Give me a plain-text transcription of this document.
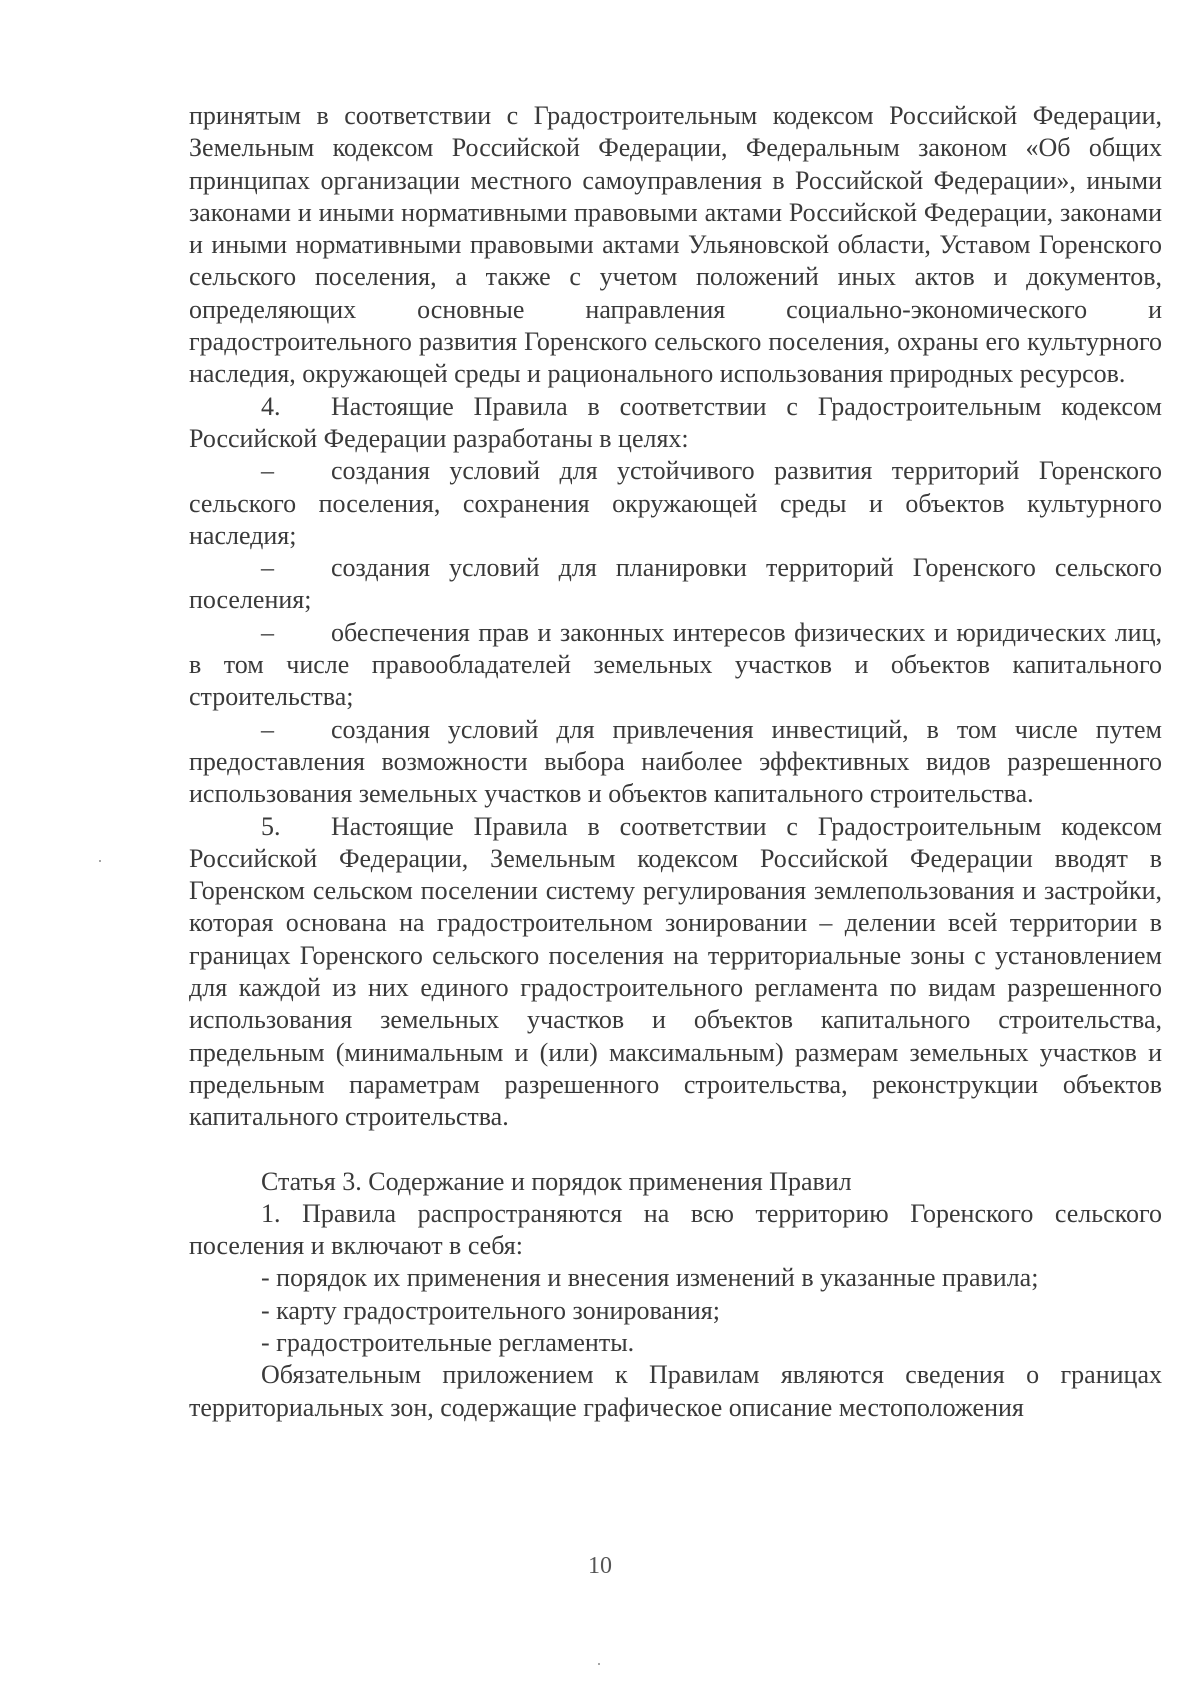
принятым в соответствии с Градостроительным кодексом Российской Федерации, Земельным кодексом Российской Федерации, Федеральным законом «Об общих принципах организации местного самоуправления в Российской Федерации», иными законами и иными нормативными правовыми актами Российской Федерации, законами и иными нормативными правовыми актами Ульяновской области, Уставом Горенского сельского поселения, а также с учетом положений иных актов и документов, определяющих основные направления социально-экономического и градостроительного развития Горенского сельского поселения, охраны его культурного наследия, окружающей среды и рационального использования природных ресурсов.

4. Настоящие Правила в соответствии с Градостроительным кодексом Российской Федерации разработаны в целях:

– создания условий для устойчивого развития территорий Горенского сельского поселения, сохранения окружающей среды и объектов культурного наследия;

– создания условий для планировки территорий Горенского сельского поселения;

– обеспечения прав и законных интересов физических и юридических лиц, в том числе правообладателей земельных участков и объектов капитального строительства;

– создания условий для привлечения инвестиций, в том числе путем предоставления возможности выбора наиболее эффективных видов разрешенного использования земельных участков и объектов капитального строительства.

5. Настоящие Правила в соответствии с Градостроительным кодексом Российской Федерации, Земельным кодексом Российской Федерации вводят в Горенском сельском поселении систему регулирования землепользования и застройки, которая основана на градостроительном зонировании – делении всей территории в границах Горенского сельского поселения на территориальные зоны с установлением для каждой из них единого градостроительного регламента по видам разрешенного использования земельных участков и объектов капитального строительства, предельным (минимальным и (или) максимальным) размерам земельных участков и предельным параметрам разрешенного строительства, реконструкции объектов капитального строительства.

Статья 3. Содержание и порядок применения Правил

1. Правила распространяются на всю территорию Горенского сельского поселения и включают в себя:

- порядок их применения и внесения изменений в указанные правила;

- карту градостроительного зонирования;

- градостроительные регламенты.

Обязательным приложением к Правилам являются сведения о границах территориальных зон, содержащие графическое описание местоположения

10
